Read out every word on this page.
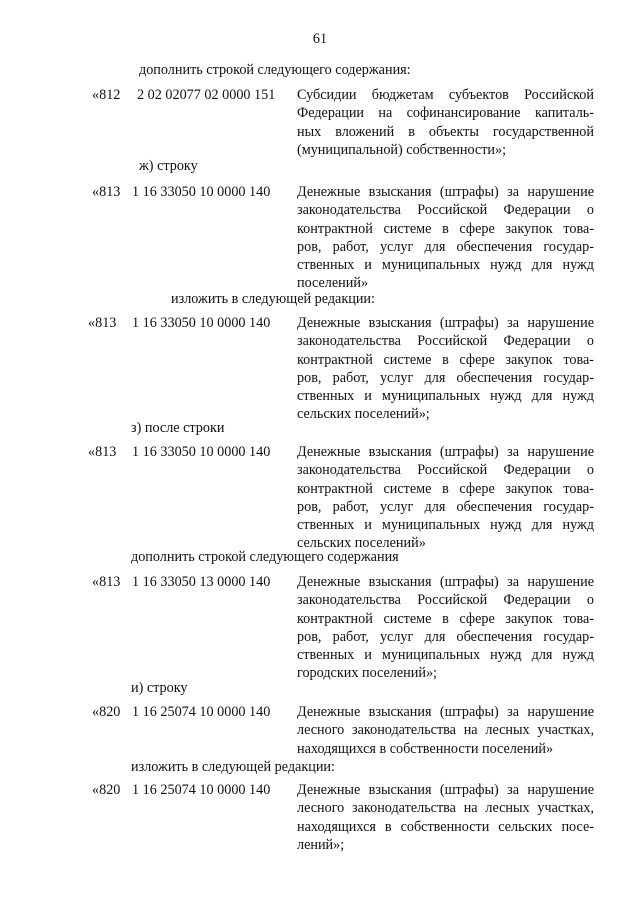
61
дополнить строкой следующего содержания:
«812 2 02 02077 02 0000 151 Субсидии бюджетам субъектов Российской
Федерации на софинансирование капиталь-
ных вложений в объекты государственной
(муниципальной) собственности»;
ж) строку
«813 1 16 33050 10 0000 140 Денежные взыскания (штрафы) за нарушение
законодательства Российской Федерации о
контрактной системе в сфере закупок това-
ров, работ, услуг для обеспечения государ-
ственных и муниципальных нужд для нужд
поселений»
изложить в следующей редакции:
«813 1 16 33050 10 0000 140 Денежные взыскания (штрафы) за нарушение
законодательства Российской Федерации о
контрактной системе в сфере закупок това-
ров, работ, услуг для обеспечения государ-
ственных и муниципальных нужд для нужд
сельских поселений»;
з) после строки
«813 1 16 33050 10 0000 140 Денежные взыскания (штрафы) за нарушение
законодательства Российской Федерации о
контрактной системе в сфере закупок това-
ров, работ, услуг для обеспечения государ-
ственных и муниципальных нужд для нужд
сельских поселений»
дополнить строкой следующего содержания
«813 1 16 33050 13 0000 140 Денежные взыскания (штрафы) за нарушение
законодательства Российской Федерации о
контрактной системе в сфере закупок това-
ров, работ, услуг для обеспечения государ-
ственных и муниципальных нужд для нужд
городских поселений»;
и) строку
«820 1 16 25074 10 0000 140 Денежные взыскания (штрафы) за нарушение
лесного законодательства на лесных участках,
находящихся в собственности поселений»
изложить в следующей редакции:
«820 1 16 25074 10 0000 140 Денежные взыскания (штрафы) за нарушение
лесного законодательства на лесных участках,
находящихся в собственности сельских посе-
лений»;
